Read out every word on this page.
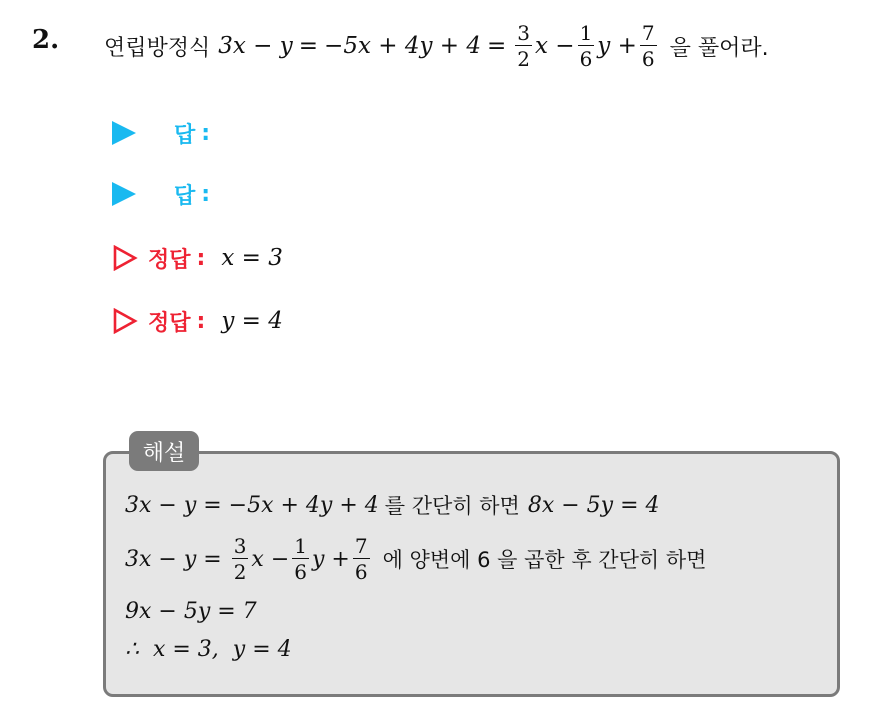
2. 연립방정식 $3x - y = -5x + 4y + 4 = \frac{3}{2}$ $x - \frac{1}{6}$ $y + \frac{7}{6}$ 을 풀어라.
답 :
답 :
정답 : x = 3
정답 : y = 4
해설
3x − y = −5x + 4y + 4 를 간단히 하면 8x − 5y = 4
$3x - y = \frac{3}{2}$ $x - \frac{1}{6}$ $y + \frac{7}{6}$ 에 양변에 6 을 곱한 후 간단히 하면
9x − 5y = 7
∴  x = 3,  y = 4
